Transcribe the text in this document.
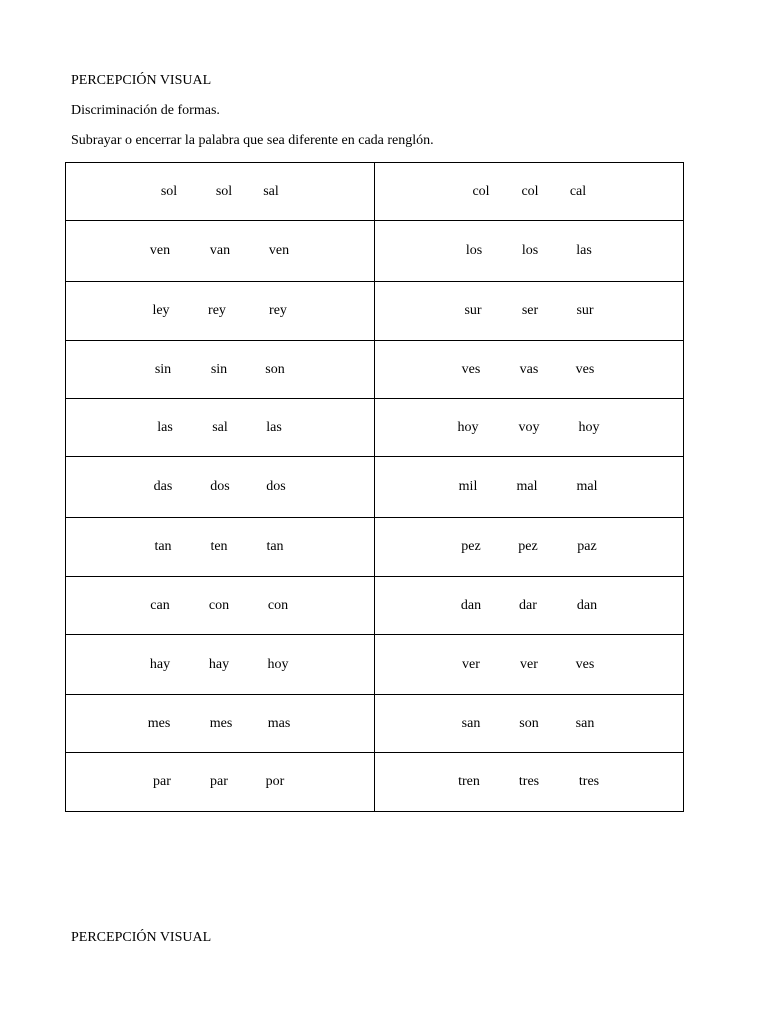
PERCEPCIÓN VISUAL
Discriminación de formas.
Subrayar o encerrar la palabra que sea diferente en cada renglón.
sol sol sal	col col cal

ven van ven	los los las

ley rey rey	sur ser sur

sin sin son	ves vas ves

las sal las	hoy voy hoy

das dos dos	mil mal mal

tan ten tan	pez pez paz

can con con	dan dar dan

hay hay hoy	ver ver ves

mes mes mas	san son san

par par por	tren tres tres
PERCEPCIÓN VISUAL
